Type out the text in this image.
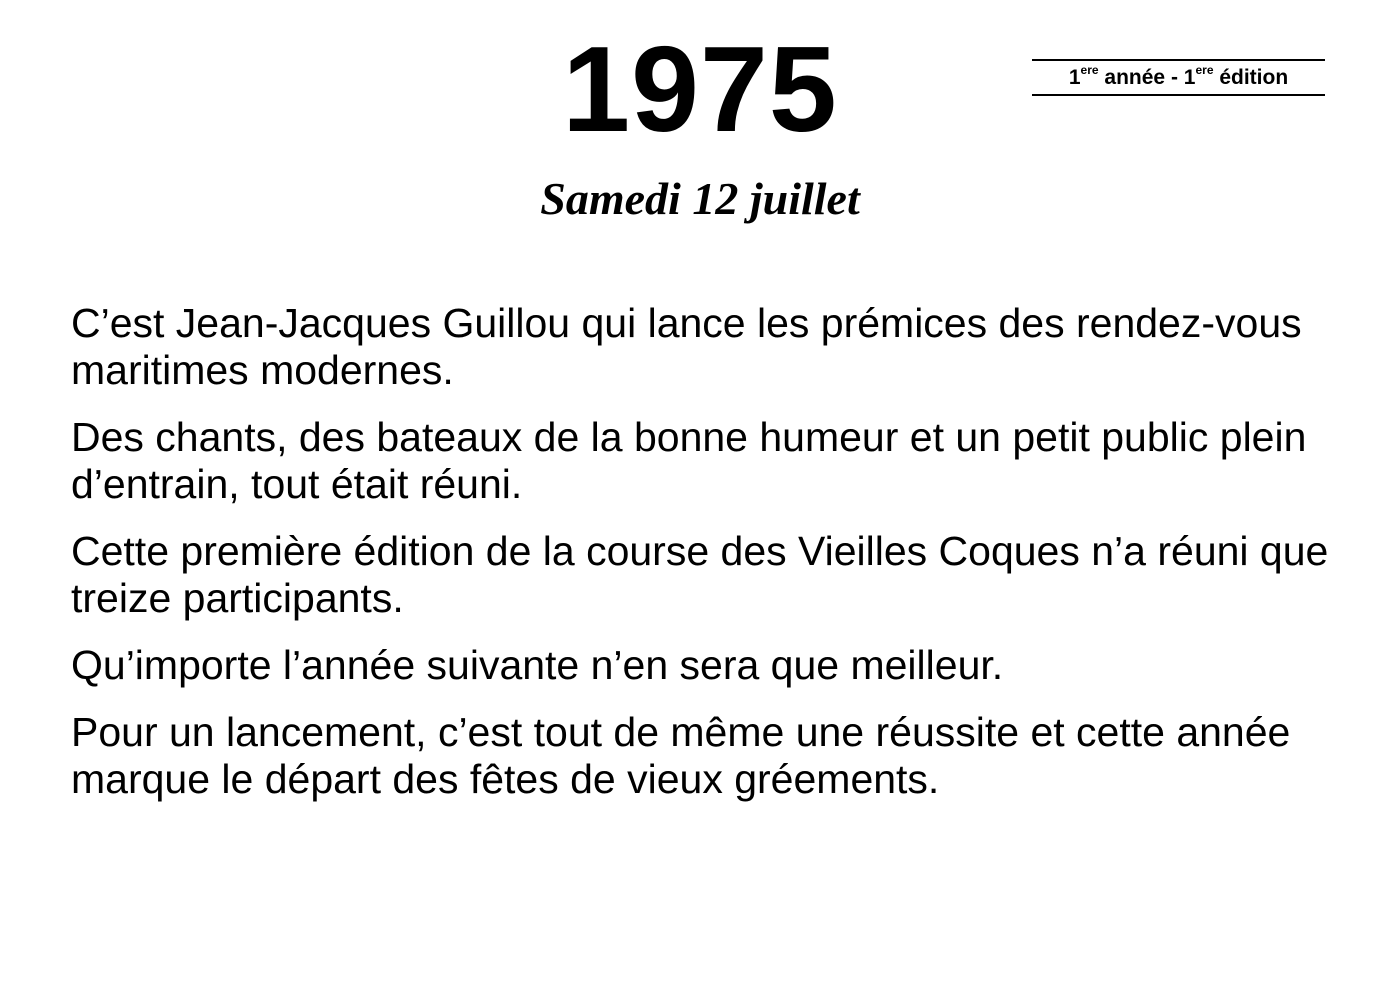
1975	1ere année - 1ere édition
Samedi 12 juillet

C’est Jean-Jacques Guillou qui lance les prémices des rendez-vous maritimes modernes.

Des chants, des bateaux de la bonne humeur et un petit public plein d’entrain, tout était réuni.

Cette première édition de la course des Vieilles Coques n’a réuni que treize participants.

Qu’importe l’année suivante n’en sera que meilleur.

Pour un lancement, c’est tout de même une réussite et cette année marque le départ des fêtes de vieux gréements.
